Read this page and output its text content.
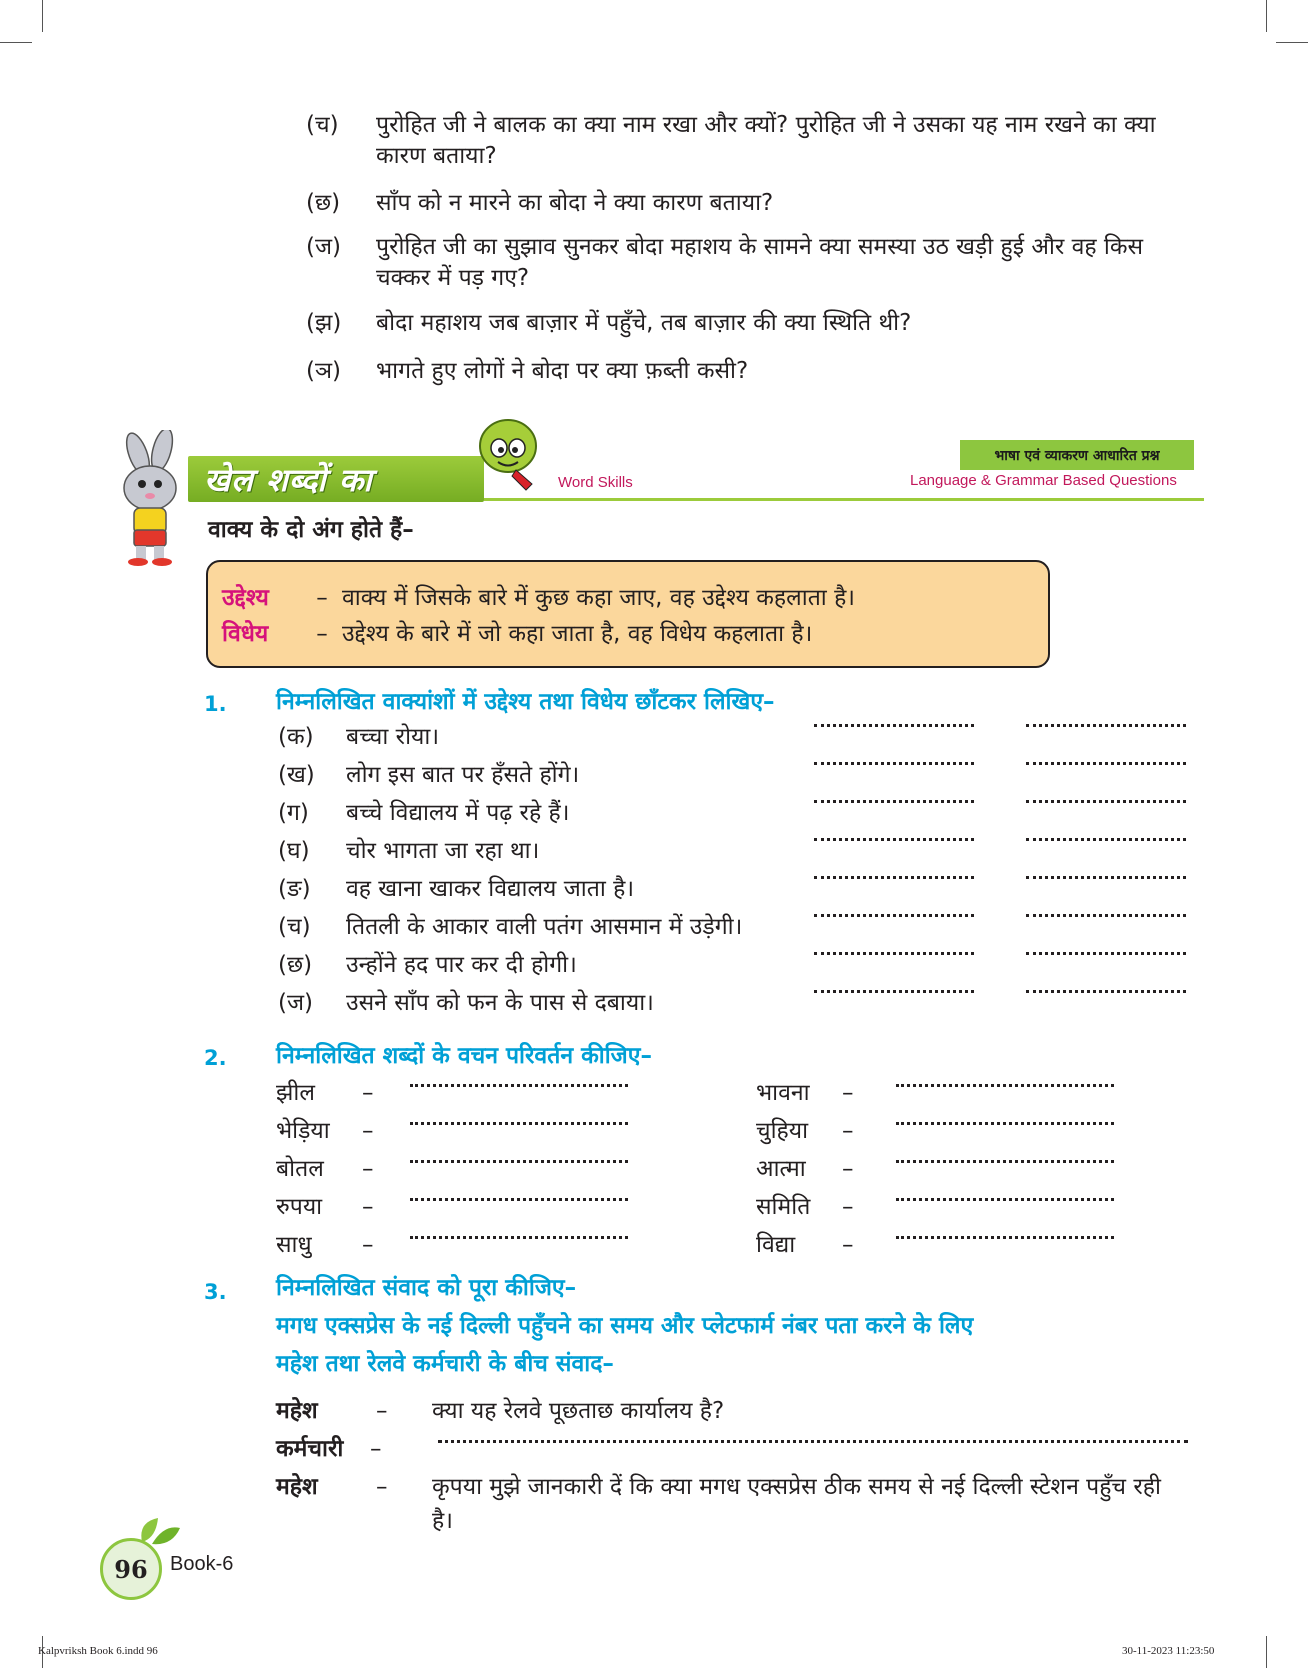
(च)	पुरोहित जी ने बालक का क्या नाम रखा और क्यों? पुरोहित जी ने उसका यह नाम रखने का क्या कारण बताया?
(छ)	साँप को न मारने का बोदा ने क्या कारण बताया?
(ज)	पुरोहित जी का सुझाव सुनकर बोदा महाशय के सामने क्या समस्या उठ खड़ी हुई और वह किस चक्कर में पड़ गए?
(झ)	बोदा महाशय जब बाज़ार में पहुँचे, तब बाज़ार की क्या स्थिति थी?
(ञ)	भागते हुए लोगों ने बोदा पर क्या फ़ब्ती कसी?
खेल शब्दों का	Word Skills
भाषा एवं व्याकरण आधारित प्रश्न
Language & Grammar Based Questions
वाक्य के दो अंग होते हैं–
उद्देश्य	– वाक्य में जिसके बारे में कुछ कहा जाए, वह उद्देश्य कहलाता है।
विधेय	– उद्देश्य के बारे में जो कहा जाता है, वह विधेय कहलाता है।
1. निम्नलिखित वाक्यांशों में उद्देश्य तथा विधेय छाँटकर लिखिए–
(क)	बच्चा रोया।
(ख)	लोग इस बात पर हँसते होंगे।
(ग)	बच्चे विद्यालय में पढ़ रहे हैं।
(घ)	चोर भागता जा रहा था।
(ङ)	वह खाना खाकर विद्यालय जाता है।
(च)	तितली के आकार वाली पतंग आसमान में उड़ेगी।
(छ)	उन्होंने हद पार कर दी होगी।
(ज)	उसने साँप को फन के पास से दबाया।
2. निम्नलिखित शब्दों के वचन परिवर्तन कीजिए–
झील	–
भेड़िया	–
बोतल	–
रुपया	–
साधु	–
भावना	–
चुहिया	–
आत्मा	–
समिति	–
विद्या	–
3. निम्नलिखित संवाद को पूरा कीजिए–
मगध एक्सप्रेस के नई दिल्ली पहुँचने का समय और प्लेटफार्म नंबर पता करने के लिए
महेश तथा रेलवे कर्मचारी के बीच संवाद–
महेश	–	क्या यह रेलवे पूछताछ कार्यालय है?
कर्मचारी	–
महेश	–	कृपया मुझे जानकारी दें कि क्या मगध एक्सप्रेस ठीक समय से नई दिल्ली स्टेशन पहुँच रही है।
96	Book-6
Kalpvriksh Book 6.indd 96	30-11-2023 11:23:50
